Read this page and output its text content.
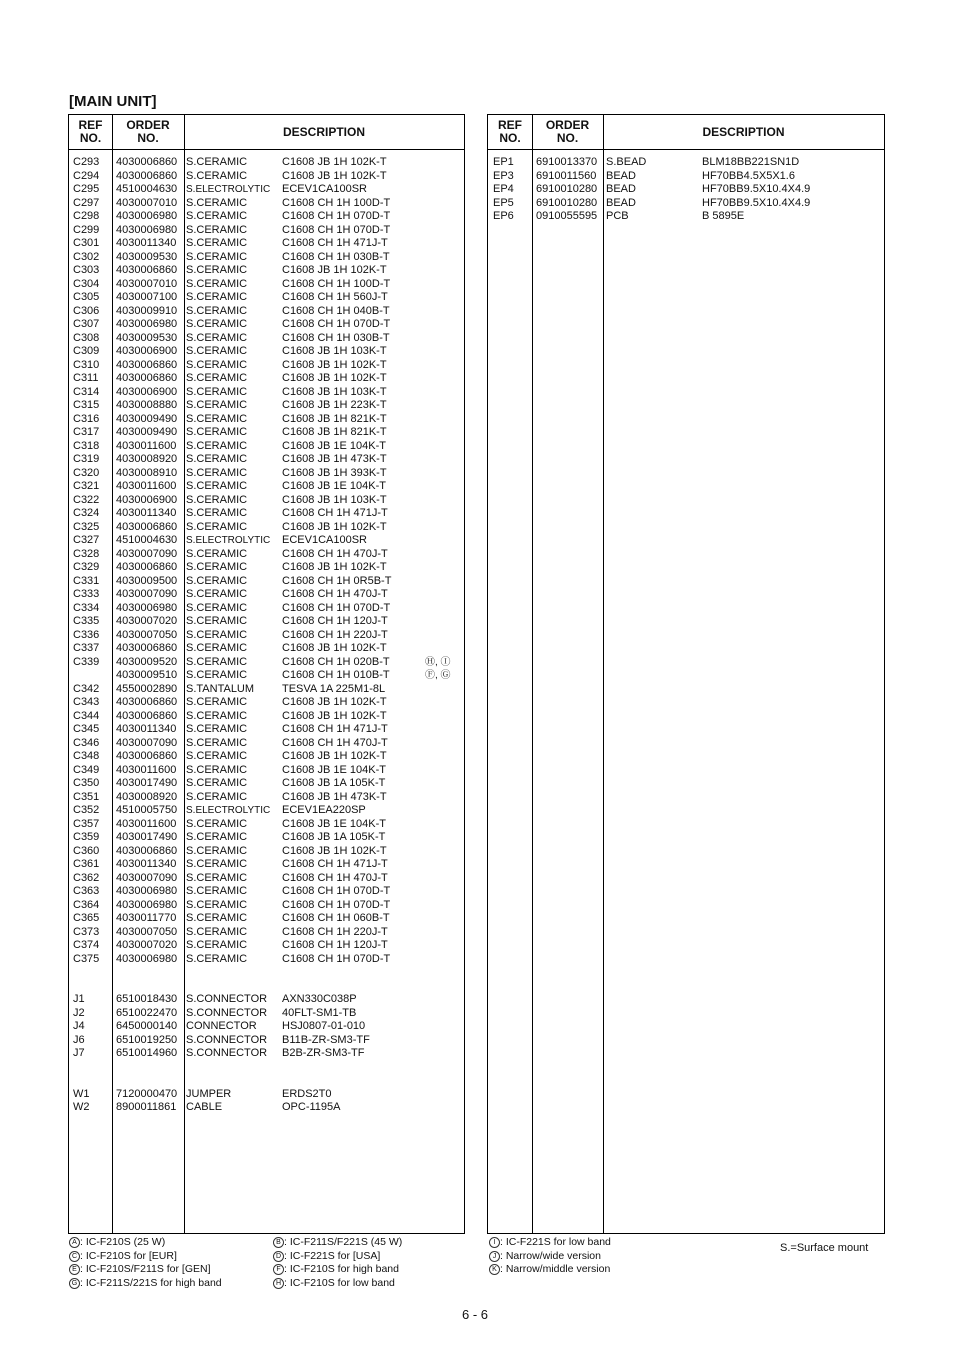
[MAIN UNIT]
REF
NO.
ORDER
NO.	DESCRIPTION
C293 4030006860 S.CERAMIC	C1608 JB 1H 102K-T
C294 4030006860 S.CERAMIC	C1608 JB 1H 102K-T
C295 4510004630 S.ELECTROLYTIC ECEV1CA100SR
C297 4030007010 S.CERAMIC	C1608 CH 1H 100D-T
C298 4030006980 S.CERAMIC	C1608 CH 1H 070D-T
C299 4030006980 S.CERAMIC	C1608 CH 1H 070D-T
C301 4030011340 S.CERAMIC	C1608 CH 1H 471J-T
C302 4030009530 S.CERAMIC	C1608 CH 1H 030B-T
C303 4030006860 S.CERAMIC	C1608 JB 1H 102K-T
C304 4030007010 S.CERAMIC	C1608 CH 1H 100D-T
C305 4030007100 S.CERAMIC	C1608 CH 1H 560J-T
C306 4030009910 S.CERAMIC	C1608 CH 1H 040B-T
C307 4030006980 S.CERAMIC	C1608 CH 1H 070D-T
C308 4030009530 S.CERAMIC	C1608 CH 1H 030B-T
C309 4030006900 S.CERAMIC	C1608 JB 1H 103K-T
C310 4030006860 S.CERAMIC	C1608 JB 1H 102K-T
C311 4030006860 S.CERAMIC	C1608 JB 1H 102K-T
C314 4030006900 S.CERAMIC	C1608 JB 1H 103K-T
C315 4030008880 S.CERAMIC	C1608 JB 1H 223K-T
C316 4030009490 S.CERAMIC	C1608 JB 1H 821K-T
C317 4030009490 S.CERAMIC	C1608 JB 1H 821K-T
C318 4030011600 S.CERAMIC	C1608 JB 1E 104K-T
C319 4030008920 S.CERAMIC	C1608 JB 1H 473K-T
C320 4030008910 S.CERAMIC	C1608 JB 1H 393K-T
C321 4030011600 S.CERAMIC	C1608 JB 1E 104K-T
C322 4030006900 S.CERAMIC	C1608 JB 1H 103K-T
C324 4030011340 S.CERAMIC	C1608 CH 1H 471J-T
C325 4030006860 S.CERAMIC	C1608 JB 1H 102K-T
C327 4510004630 S.ELECTROLYTIC ECEV1CA100SR
C328 4030007090 S.CERAMIC	C1608 CH 1H 470J-T
C329 4030006860 S.CERAMIC	C1608 JB 1H 102K-T
C331 4030009500 S.CERAMIC	C1608 CH 1H 0R5B-T
C333 4030007090 S.CERAMIC	C1608 CH 1H 470J-T
C334 4030006980 S.CERAMIC	C1608 CH 1H 070D-T
C335 4030007020 S.CERAMIC	C1608 CH 1H 120J-T
C336 4030007050 S.CERAMIC	C1608 CH 1H 220J-T
C337 4030006860 S.CERAMIC	C1608 JB 1H 102K-T
C339 4030009520 S.CERAMIC	C1608 CH 1H 020B-T	Ⓗ, Ⓘ
4030009510 S.CERAMIC	C1608 CH 1H 010B-T	Ⓕ, Ⓖ
C342 4550002890 S.TANTALUM	TESVA 1A 225M1-8L
C343 4030006860 S.CERAMIC	C1608 JB 1H 102K-T
C344 4030006860 S.CERAMIC	C1608 JB 1H 102K-T
C345 4030011340 S.CERAMIC	C1608 CH 1H 471J-T
C346 4030007090 S.CERAMIC	C1608 CH 1H 470J-T
C348 4030006860 S.CERAMIC	C1608 JB 1H 102K-T
C349 4030011600 S.CERAMIC	C1608 JB 1E 104K-T
C350 4030017490 S.CERAMIC	C1608 JB 1A 105K-T
C351 4030008920 S.CERAMIC	C1608 JB 1H 473K-T
C352 4510005750 S.ELECTROLYTIC ECEV1EA220SP
C357 4030011600 S.CERAMIC	C1608 JB 1E 104K-T
C359 4030017490 S.CERAMIC	C1608 JB 1A 105K-T
C360 4030006860 S.CERAMIC	C1608 JB 1H 102K-T
C361 4030011340 S.CERAMIC	C1608 CH 1H 471J-T
C362 4030007090 S.CERAMIC	C1608 CH 1H 470J-T
C363 4030006980 S.CERAMIC	C1608 CH 1H 070D-T
C364 4030006980 S.CERAMIC	C1608 CH 1H 070D-T
C365 4030011770 S.CERAMIC	C1608 CH 1H 060B-T
C373 4030007050 S.CERAMIC	C1608 CH 1H 220J-T
C374 4030007020 S.CERAMIC	C1608 CH 1H 120J-T
C375 4030006980 S.CERAMIC	C1608 CH 1H 070D-T
J1	6510018430 S.CONNECTOR AXN330C038P
J2	6510022470 S.CONNECTOR 40FLT-SM1-TB
J4	6450000140 CONNECTOR HSJ0807-01-010
J6	6510019250 S.CONNECTOR B11B-ZR-SM3-TF
J7	6510014960 S.CONNECTOR B2B-ZR-SM3-TF
W1 7120000470 JUMPER	ERDS2T0
W2 8900011861 CABLE	OPC-1195A
REF
NO.
ORDER
NO.	DESCRIPTION
EP1 6910013370 S.BEAD	BLM18BB221SN1D
EP3 6910011560 BEAD	HF70BB4.5X5X1.6
EP4 6910010280 BEAD	HF70BB9.5X10.4X4.9
EP5 6910010280 BEAD	HF70BB9.5X10.4X4.9
EP6 0910055595 PCB	B 5895E
A : IC-F210S (25 W)
C : IC-F210S for [EUR]
E : IC-F210S/F211S for [GEN]
G : IC-F211S/221S for high band
B : IC-F211S/F221S (45 W)
D : IC-F221S for [USA]
F : IC-F210S for high band
H : IC-F210S for low band
I : IC-F221S for low band
J : Narrow/wide version
K : Narrow/middle version
S.=Surface mount
6 - 6
